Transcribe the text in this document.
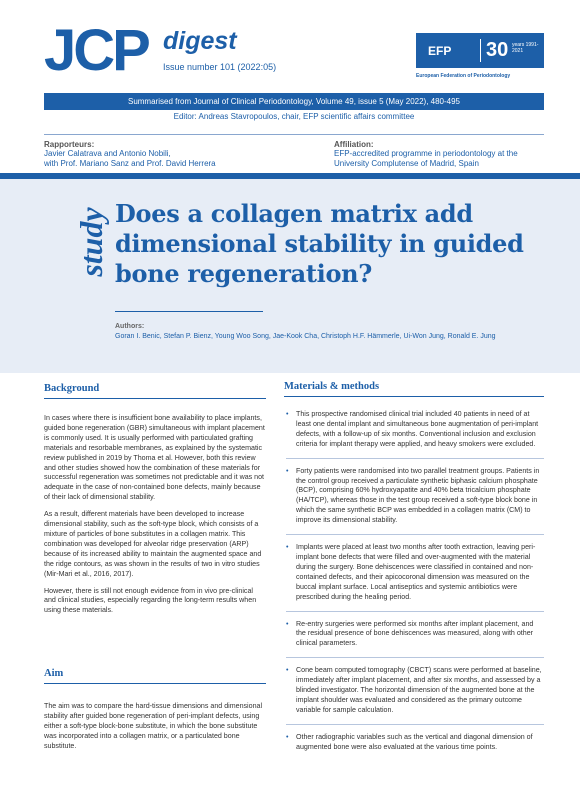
JCP digest
Issue number 101 (2022:05)
EFP 30 years 1991-2021
European Federation of Periodontology
Summarised from Journal of Clinical Periodontology, Volume 49, issue 5 (May 2022), 480-495
Editor: Andreas Stavropoulos, chair, EFP scientific affairs committee
Rapporteurs:
Javier Calatrava and Antonio Nobili,
with Prof. Mariano Sanz and Prof. David Herrera
Affiliation:
EFP-accredited programme in periodontology at the University Complutense of Madrid, Spain
study Does a collagen matrix add dimensional stability in guided bone regeneration?
Authors:
Goran I. Benic, Stefan P. Bienz, Young Woo Song, Jae-Kook Cha, Christoph H.F. Hämmerle, Ui-Won Jung, Ronald E. Jung
Background

In cases where there is insufficient bone availability to place implants, guided bone regeneration (GBR) simultaneous with implant placement is commonly used. It is usually performed with particulated grafting materials and resorbable membranes, as explained by the systematic review published in 2019 by Thoma et al. However, both this review and other studies showed how the combination of these materials for successful regeneration was sometimes not predictable and it was not adequate in the case of non-contained bone defects, mainly because of their lack of dimensional stability.

As a result, different materials have been developed to increase dimensional stability, such as the soft-type block, which consists of a mixture of particles of bone substitutes in a collagen matrix. This combination was developed for alveolar ridge preservation (ARP) because of its increased ability to maintain the augmented space and the ridge contours, as was shown in the results of two in vitro studies (Mir-Mari et al., 2016, 2017).

However, there is still not enough evidence from in vivo pre-clinical and clinical studies, especially regarding the long-term results when using these materials.

Aim

The aim was to compare the hard-tissue dimensions and dimensional stability after guided bone regeneration of peri-implant defects, using either a soft-type block-bone substitute, in which the bone substitute was incorporated into a collagen matrix, or a particulated bone substitute.

Materials & methods
• This prospective randomised clinical trial included 40 patients in need of at least one dental implant and simultaneous bone augmentation of peri-implant defects, with a follow-up of six months. Conventional inclusion and exclusion criteria for implant therapy were applied, and heavy smokers were excluded.
• Forty patients were randomised into two parallel treatment groups. Patients in the control group received a particulate synthetic biphasic calcium phosphate (BCP), comprising 60% hydroxyapatite and 40% beta tricalcium phosphate (HA/TCP), whereas those in the test group received a soft-type block bone in which the same synthetic BCP was embedded in a collagen matrix (CM) to improve its dimensional stability.
• Implants were placed at least two months after tooth extraction, leaving peri-implant bone defects that were filled and over-augmented with the material during the surgery. Bone dehiscences were classified in contained and non-contained defects, and their apicocoronal dimension was measured on the buccal implant surface. Local antiseptics and systemic antibiotics were prescribed during the healing period.
• Re-entry surgeries were performed six months after implant placement, and the residual presence of bone dehiscences was measured, along with other clinical parameters.
• Cone beam computed tomography (CBCT) scans were performed at baseline, immediately after implant placement, and after six months, and assessed by a blinded investigator. The horizontal dimension of the augmented bone at the implant shoulder was evaluated and considered as the primary outcome variable for sample calculation.
• Other radiographic variables such as the vertical and diagonal dimension of augmented bone were also evaluated at the various time points.
